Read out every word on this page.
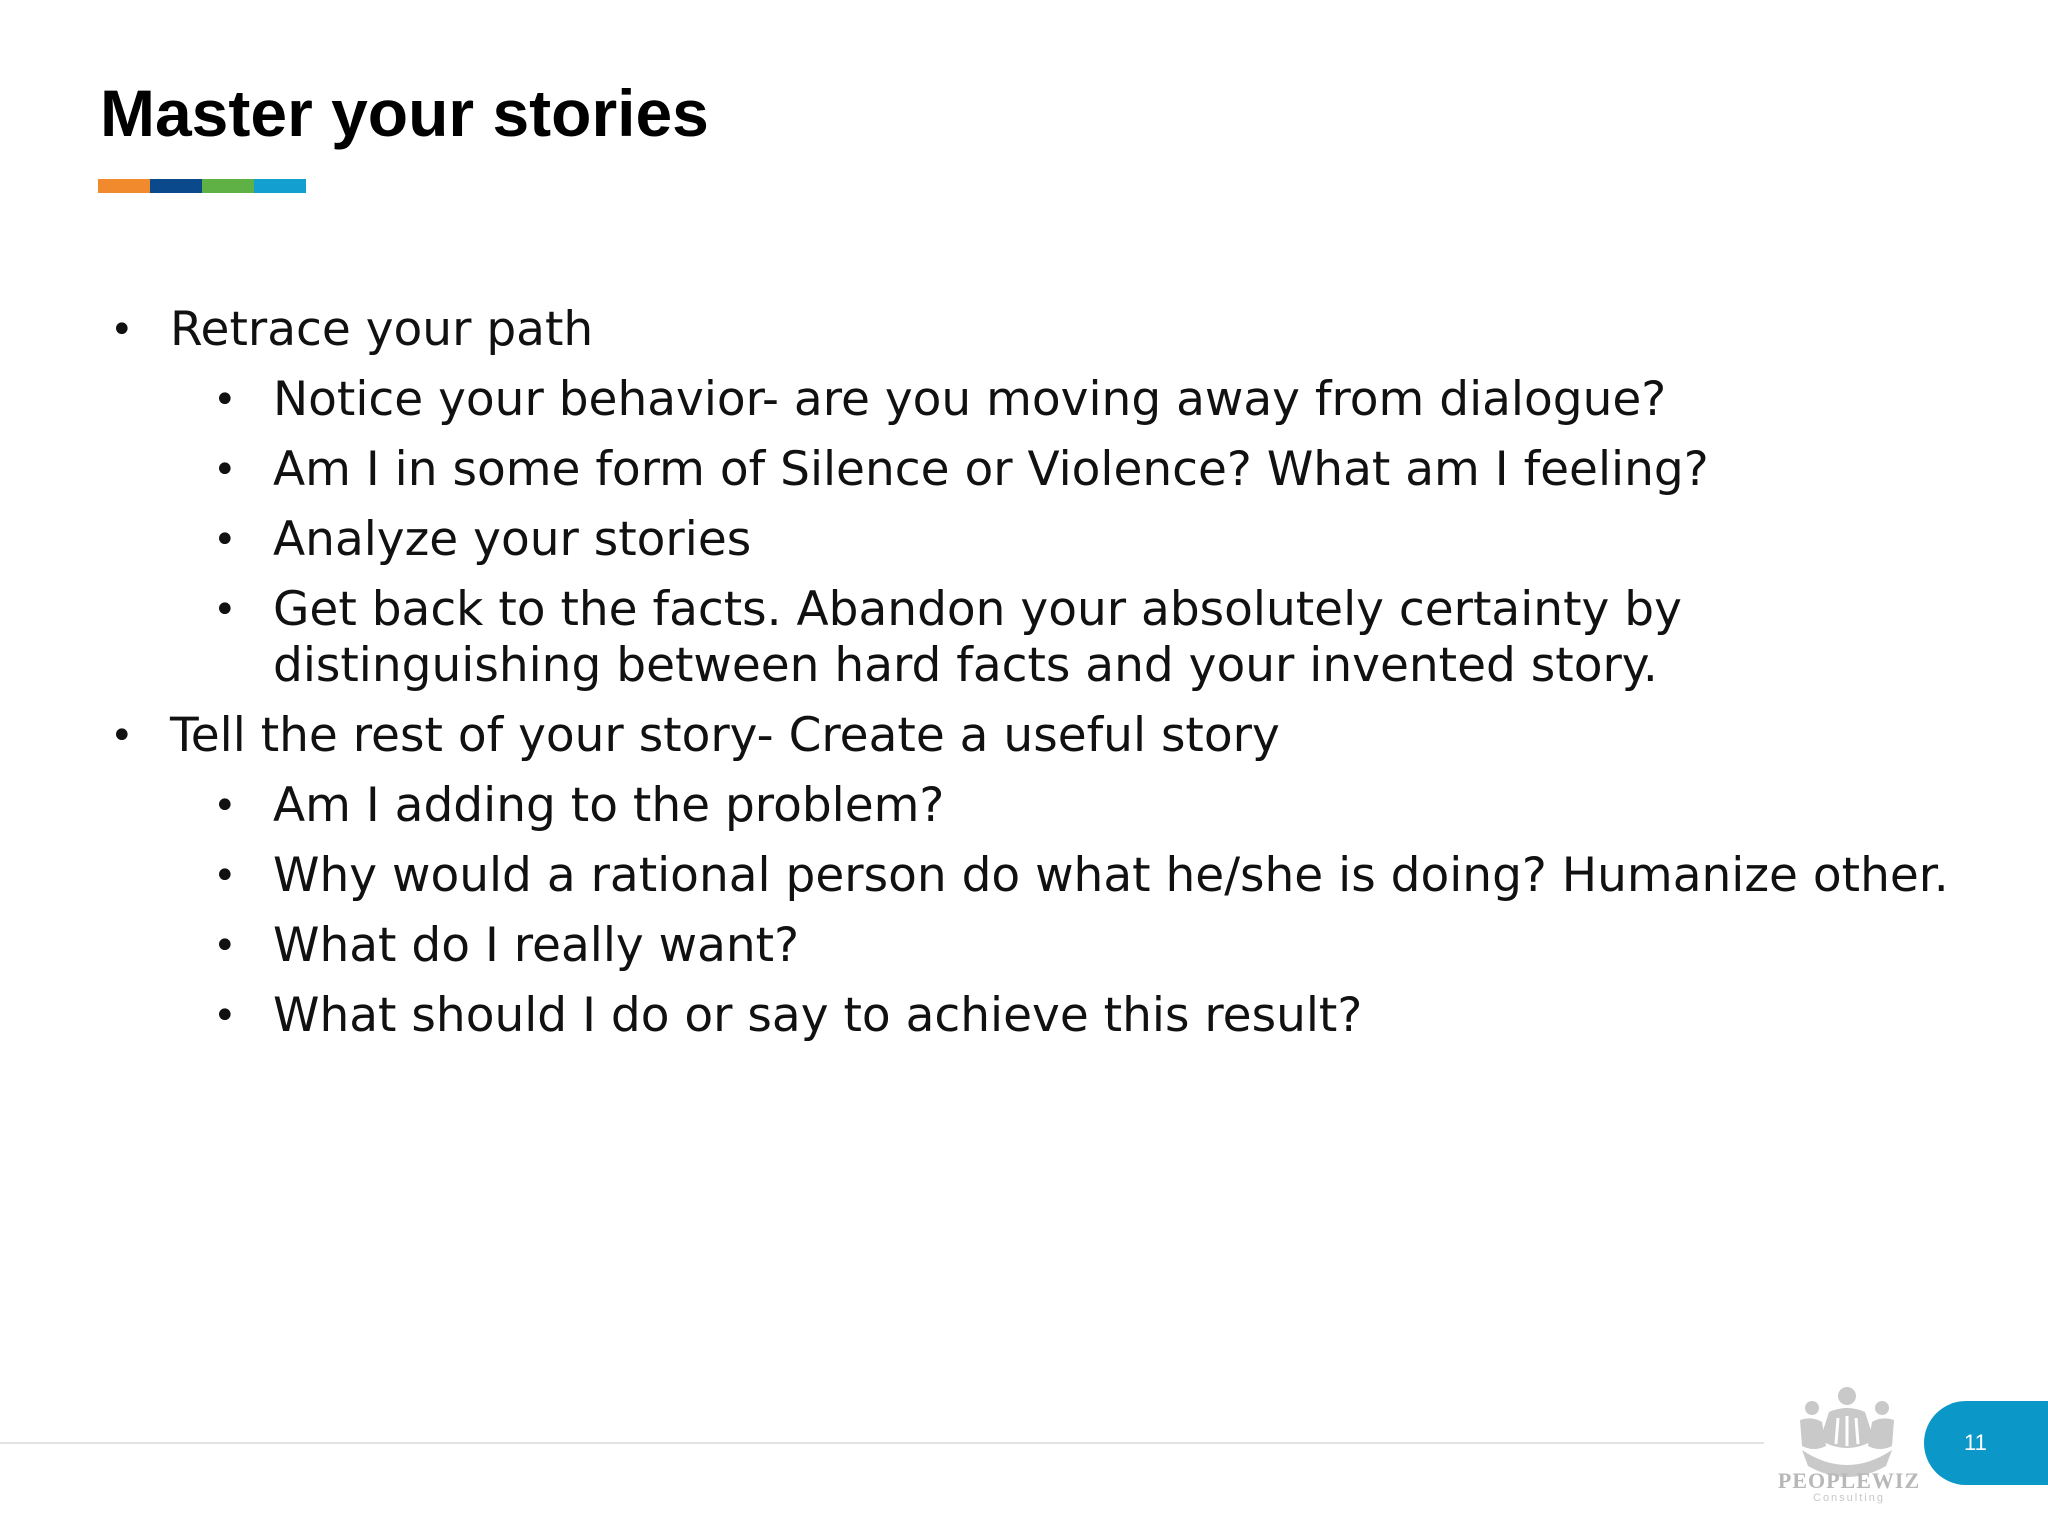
Master your stories
• Retrace your path
• Notice your behavior- are you moving away from dialogue?
• Am I in some form of Silence or Violence? What am I feeling?
• Analyze your stories
• Get back to the facts. Abandon your absolutely certainty by distinguishing between hard facts and your invented story.
• Tell the rest of your story- Create a useful story
• Am I adding to the problem?
• Why would a rational person do what he/she is doing? Humanize other.
• What do I really want?
• What should I do or say to achieve this result?
PEOPLEWIZ
Consulting
11
